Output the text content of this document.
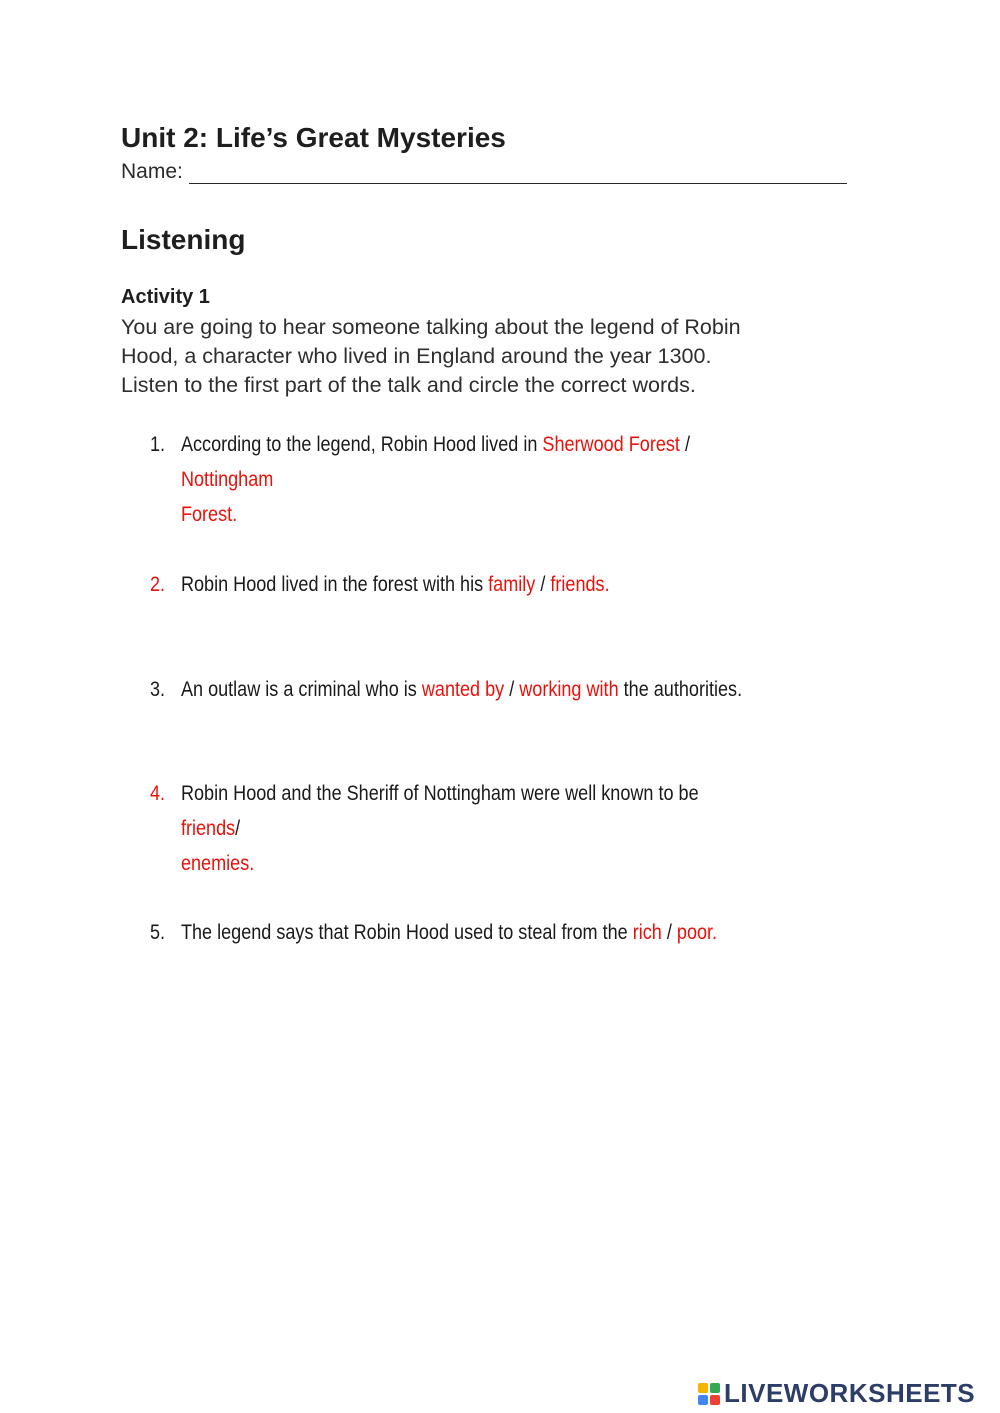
Unit 2: Life’s Great Mysteries
Name:
Listening
Activity 1
You are going to hear someone talking about the legend of Robin
Hood, a character who lived in England around the year 1300.
Listen to the first part of the talk and circle the correct words.
1. According to the legend, Robin Hood lived in Sherwood Forest / Nottingham
Forest.
2. Robin Hood lived in the forest with his family / friends.
3. An outlaw is a criminal who is wanted by / working with the authorities.
4. Robin Hood and the Sheriff of Nottingham were well known to be friends/
enemies.
5. The legend says that Robin Hood used to steal from the rich / poor.
LIVEWORKSHEETS
